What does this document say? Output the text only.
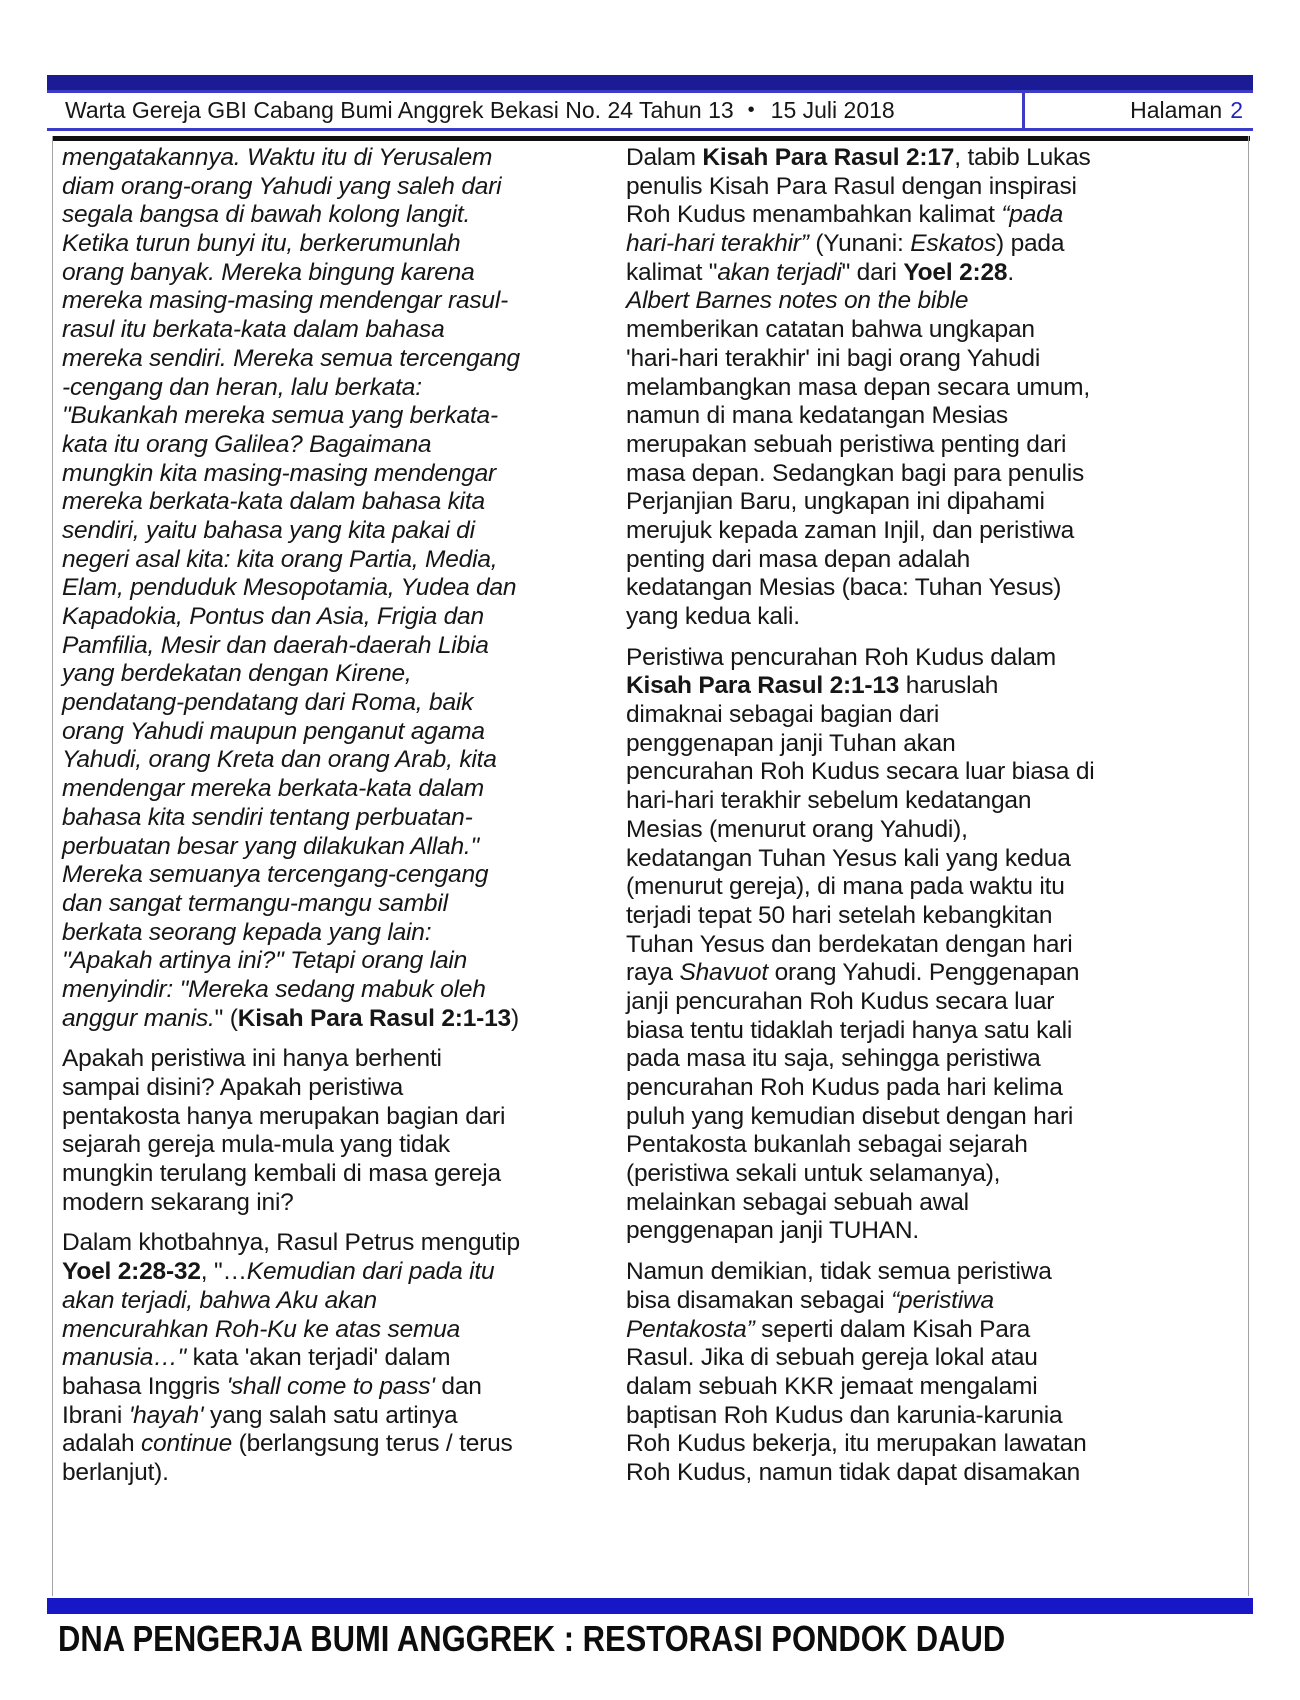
Warta Gereja GBI Cabang Bumi Anggrek Bekasi No. 24 Tahun 13 • 15 Juli 2018	Halaman 2
mengatakannya. Waktu itu di Yerusalem
diam orang-orang Yahudi yang saleh dari
segala bangsa di bawah kolong langit.
Ketika turun bunyi itu, berkerumunlah
orang banyak. Mereka bingung karena
mereka masing-masing mendengar rasul-
rasul itu berkata-kata dalam bahasa
mereka sendiri. Mereka semua tercengang
-cengang dan heran, lalu berkata:
"Bukankah mereka semua yang berkata-
kata itu orang Galilea? Bagaimana
mungkin kita masing-masing mendengar
mereka berkata-kata dalam bahasa kita
sendiri, yaitu bahasa yang kita pakai di
negeri asal kita: kita orang Partia, Media,
Elam, penduduk Mesopotamia, Yudea dan
Kapadokia, Pontus dan Asia, Frigia dan
Pamfilia, Mesir dan daerah-daerah Libia
yang berdekatan dengan Kirene,
pendatang-pendatang dari Roma, baik
orang Yahudi maupun penganut agama
Yahudi, orang Kreta dan orang Arab, kita
mendengar mereka berkata-kata dalam
bahasa kita sendiri tentang perbuatan-
perbuatan besar yang dilakukan Allah."
Mereka semuanya tercengang-cengang
dan sangat termangu-mangu sambil
berkata seorang kepada yang lain:
"Apakah artinya ini?" Tetapi orang lain
menyindir: "Mereka sedang mabuk oleh
anggur manis." (Kisah Para Rasul 2:1-13)
Apakah peristiwa ini hanya berhenti
sampai disini? Apakah peristiwa
pentakosta hanya merupakan bagian dari
sejarah gereja mula-mula yang tidak
mungkin terulang kembali di masa gereja
modern sekarang ini?
Dalam khotbahnya, Rasul Petrus mengutip
Yoel 2:28-32, "…Kemudian dari pada itu
akan terjadi, bahwa Aku akan
mencurahkan Roh-Ku ke atas semua
manusia…" kata 'akan terjadi' dalam
bahasa Inggris 'shall come to pass' dan
Ibrani 'hayah' yang salah satu artinya
adalah continue (berlangsung terus / terus
berlanjut).
Dalam Kisah Para Rasul 2:17, tabib Lukas
penulis Kisah Para Rasul dengan inspirasi
Roh Kudus menambahkan kalimat “pada
hari-hari terakhir” (Yunani: Eskatos) pada
kalimat "akan terjadi" dari Yoel 2:28.
Albert Barnes notes on the bible
memberikan catatan bahwa ungkapan
'hari-hari terakhir' ini bagi orang Yahudi
melambangkan masa depan secara umum,
namun di mana kedatangan Mesias
merupakan sebuah peristiwa penting dari
masa depan. Sedangkan bagi para penulis
Perjanjian Baru, ungkapan ini dipahami
merujuk kepada zaman Injil, dan peristiwa
penting dari masa depan adalah
kedatangan Mesias (baca: Tuhan Yesus)
yang kedua kali.
Peristiwa pencurahan Roh Kudus dalam
Kisah Para Rasul 2:1-13 haruslah
dimaknai sebagai bagian dari
penggenapan janji Tuhan akan
pencurahan Roh Kudus secara luar biasa di
hari-hari terakhir sebelum kedatangan
Mesias (menurut orang Yahudi),
kedatangan Tuhan Yesus kali yang kedua
(menurut gereja), di mana pada waktu itu
terjadi tepat 50 hari setelah kebangkitan
Tuhan Yesus dan berdekatan dengan hari
raya Shavuot orang Yahudi. Penggenapan
janji pencurahan Roh Kudus secara luar
biasa tentu tidaklah terjadi hanya satu kali
pada masa itu saja, sehingga peristiwa
pencurahan Roh Kudus pada hari kelima
puluh yang kemudian disebut dengan hari
Pentakosta bukanlah sebagai sejarah
(peristiwa sekali untuk selamanya),
melainkan sebagai sebuah awal
penggenapan janji TUHAN.
Namun demikian, tidak semua peristiwa
bisa disamakan sebagai “peristiwa
Pentakosta” seperti dalam Kisah Para
Rasul. Jika di sebuah gereja lokal atau
dalam sebuah KKR jemaat mengalami
baptisan Roh Kudus dan karunia-karunia
Roh Kudus bekerja, itu merupakan lawatan
Roh Kudus, namun tidak dapat disamakan
DNA PENGERJA BUMI ANGGREK : RESTORASI PONDOK DAUD
